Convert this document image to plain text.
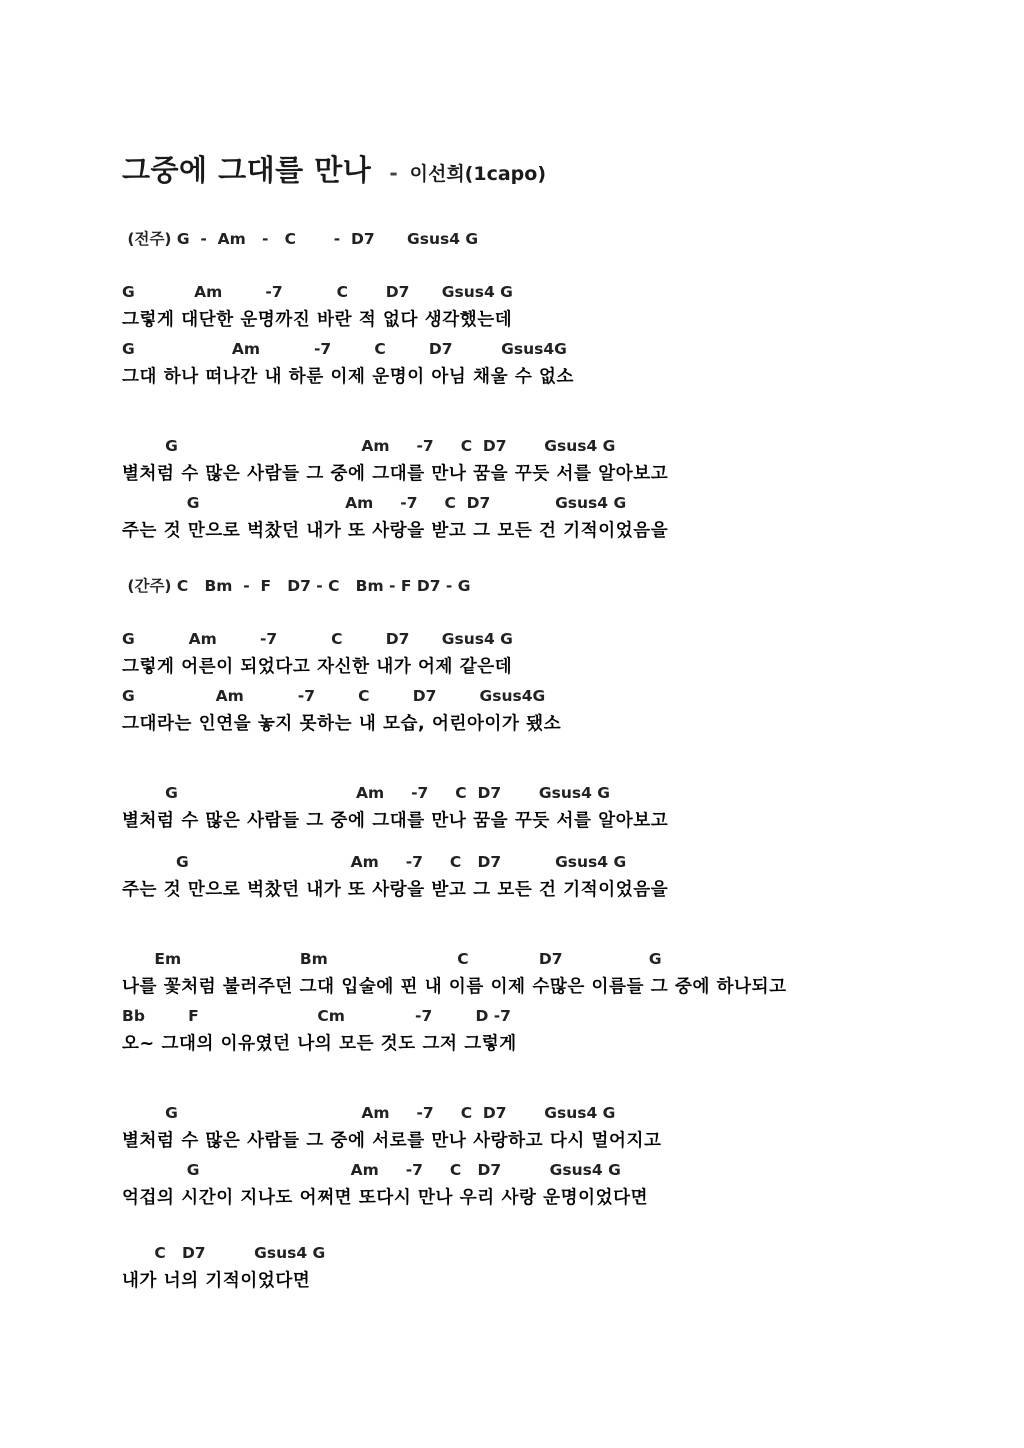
그중에 그대를 만나 - 이선희(1capo)
(전주) G  -  Am   -   C       -  D7      Gsus4 G
G           Am        -7          C       D7      Gsus4 G
그렇게 대단한 운명까진 바란 적 없다 생각했는데
G                  Am          -7        C        D7         Gsus4G
그대 하나 떠나간 내 하룬 이제 운명이 아님 채울 수 없소
G                                  Am     -7     C  D7       Gsus4 G
별처럼 수 많은 사람들 그 중에 그대를 만나 꿈을 꾸듯 서를 알아보고
G                           Am     -7     C  D7            Gsus4 G
주는 것 만으로 벅찼던 내가 또 사랑을 받고 그 모든 건 기적이었음을
(간주) C   Bm  -  F   D7 - C   Bm - F D7 - G
G          Am        -7          C        D7      Gsus4 G
그렇게 어른이 되었다고 자신한 내가 어제 같은데
G               Am          -7        C        D7        Gsus4G
그대라는 인연을 놓지 못하는 내 모습, 어린아이가 됐소
G                                 Am     -7     C  D7       Gsus4 G
별처럼 수 많은 사람들 그 중에 그대를 만나 꿈을 꾸듯 서를 알아보고
G                              Am     -7     C   D7          Gsus4 G
주는 것 만으로 벅찼던 내가 또 사랑을 받고 그 모든 건 기적이었음을
Em                      Bm                        C             D7                G
나를 꽃처럼 불러주던 그대 입술에 핀 내 이름 이제 수많은 이름들 그 중에 하나되고
Bb        F                      Cm             -7        D -7
오~ 그대의 이유였던 나의 모든 것도 그저 그렇게
G                                  Am     -7     C  D7       Gsus4 G
별처럼 수 많은 사람들 그 중에 서로를 만나 사랑하고 다시 멀어지고
G                            Am     -7     C   D7         Gsus4 G
억겁의 시간이 지나도 어쩌면 또다시 만나 우리 사랑 운명이었다면
C   D7         Gsus4 G
내가 너의 기적이었다면
